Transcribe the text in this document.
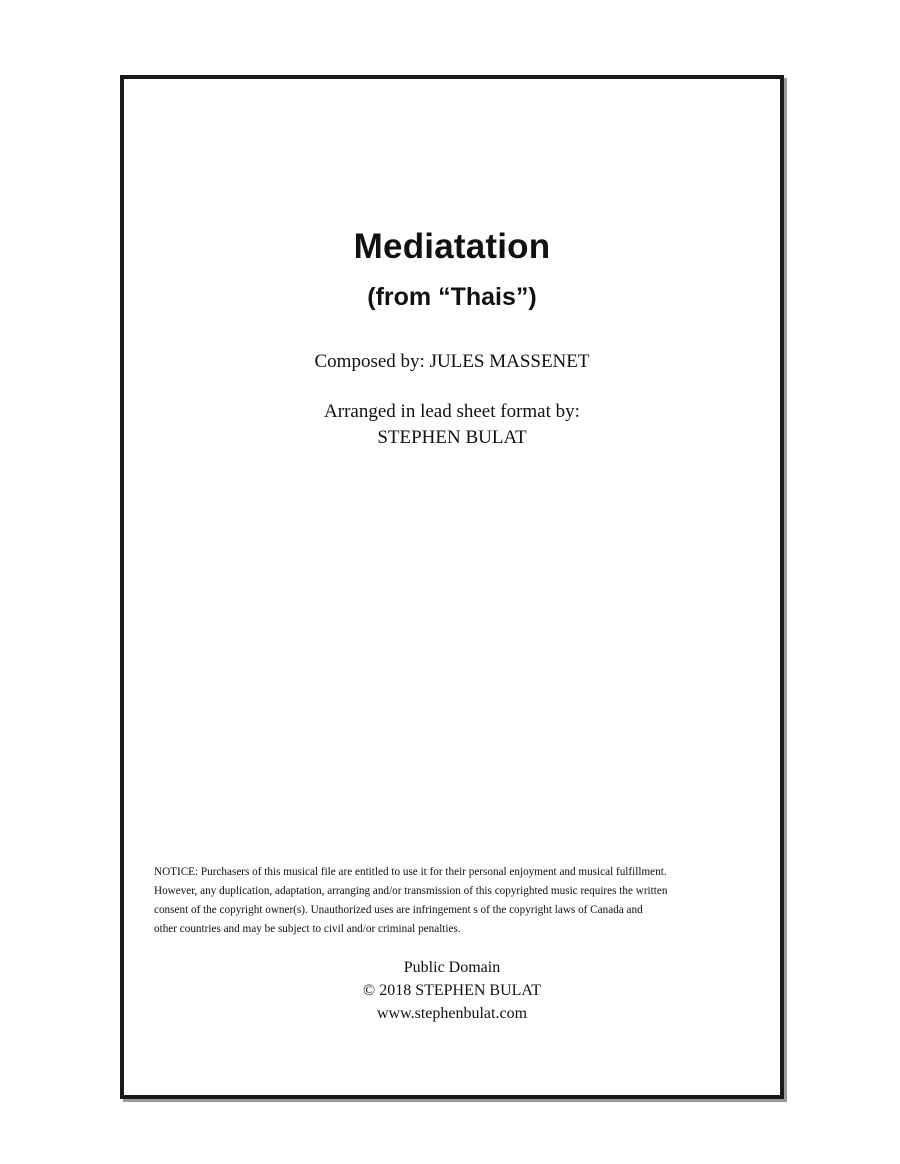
Mediatation
(from “Thais”)
Composed by: JULES MASSENET
Arranged in lead sheet format by:
STEPHEN BULAT
NOTICE: Purchasers of this musical file are entitled to use it for their personal enjoyment and musical fulfillment.
However, any duplication, adaptation, arranging and/or transmission of this copyrighted music requires the written
consent of the copyright owner(s). Unauthorized uses are infringement s of the copyright laws of Canada and
other countries and may be subject to civil and/or criminal penalties.
Public Domain
© 2018 STEPHEN BULAT
www.stephenbulat.com
